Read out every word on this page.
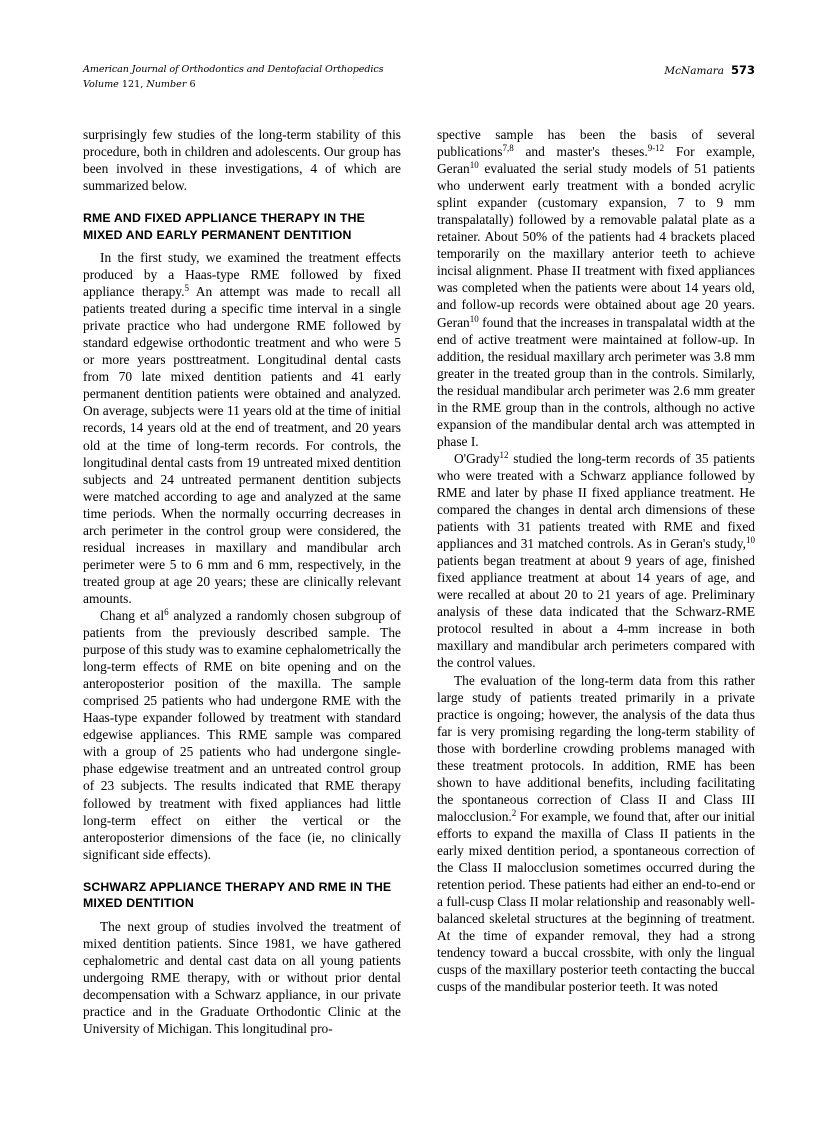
American Journal of Orthodontics and Dentofacial Orthopedics
Volume 121, Number 6
McNamara 573

surprisingly few studies of the long-term stability of this procedure, both in children and adolescents. Our group has been involved in these investigations, 4 of which are summarized below.

RME AND FIXED APPLIANCE THERAPY IN THE MIXED AND EARLY PERMANENT DENTITION

In the first study, we examined the treatment effects produced by a Haas-type RME followed by fixed appliance therapy.$^5$ An attempt was made to recall all patients treated during a specific time interval in a single private practice who had undergone RME followed by standard edgewise orthodontic treatment and who were 5 or more years posttreatment. Longitudinal dental casts from 70 late mixed dentition patients and 41 early permanent dentition patients were obtained and analyzed. On average, subjects were 11 years old at the time of initial records, 14 years old at the end of treatment, and 20 years old at the time of long-term records. For controls, the longitudinal dental casts from 19 untreated mixed dentition subjects and 24 untreated permanent dentition subjects were matched according to age and analyzed at the same time periods. When the normally occurring decreases in arch perimeter in the control group were considered, the residual increases in maxillary and mandibular arch perimeter were 5 to 6 mm and 6 mm, respectively, in the treated group at age 20 years; these are clinically relevant amounts.

Chang et $al^6$ analyzed a randomly chosen subgroup of patients from the previously described sample. The purpose of this study was to examine cephalometrically the long-term effects of RME on bite opening and on the anteroposterior position of the maxilla. The sample comprised 25 patients who had undergone RME with the Haas-type expander followed by treatment with standard edgewise appliances. This RME sample was compared with a group of 25 patients who had undergone single-phase edgewise treatment and an untreated control group of 23 subjects. The results indicated that RME therapy followed by treatment with fixed appliances had little long-term effect on either the vertical or the anteroposterior dimensions of the face (ie, no clinically significant side effects).

SCHWARZ APPLIANCE THERAPY AND RME IN THE MIXED DENTITION

The next group of studies involved the treatment of mixed dentition patients. Since 1981, we have gathered cephalometric and dental cast data on all young patients undergoing RME therapy, with or without prior dental decompensation with a Schwarz appliance, in our private practice and in the Graduate Orthodontic Clinic at the University of Michigan. This longitudinal pro-

spective sample has been the basis of several publications$^{7,8}$ and master's theses.$^{9-12}$ For example, Geran$^{10}$ evaluated the serial study models of 51 patients who underwent early treatment with a bonded acrylic splint expander (customary expansion, 7 to 9 mm transpalatally) followed by a removable palatal plate as a retainer. About 50% of the patients had 4 brackets placed temporarily on the maxillary anterior teeth to achieve incisal alignment. Phase II treatment with fixed appliances was completed when the patients were about 14 years old, and follow-up records were obtained about age 20 years. Geran$^{10}$ found that the increases in transpalatal width at the end of active treatment were maintained at follow-up. In addition, the residual maxillary arch perimeter was 3.8 mm greater in the treated group than in the controls. Similarly, the residual mandibular arch perimeter was 2.6 mm greater in the RME group than in the controls, although no active expansion of the mandibular dental arch was attempted in phase I.

O'Grady$^{12}$ studied the long-term records of 35 patients who were treated with a Schwarz appliance followed by RME and later by phase II fixed appliance treatment. He compared the changes in dental arch dimensions of these patients with 31 patients treated with RME and fixed appliances and 31 matched controls. As in Geran's study,$^{10}$ patients began treatment at about 9 years of age, finished fixed appliance treatment at about 14 years of age, and were recalled at about 20 to 21 years of age. Preliminary analysis of these data indicated that the Schwarz-RME protocol resulted in about a 4-mm increase in both maxillary and mandibular arch perimeters compared with the control values.

The evaluation of the long-term data from this rather large study of patients treated primarily in a private practice is ongoing; however, the analysis of the data thus far is very promising regarding the long-term stability of those with borderline crowding problems managed with these treatment protocols. In addition, RME has been shown to have additional benefits, including facilitating the spontaneous correction of Class II and Class III malocclusion.$^2$ For example, we found that, after our initial efforts to expand the maxilla of Class II patients in the early mixed dentition period, a spontaneous correction of the Class II malocclusion sometimes occurred during the retention period. These patients had either an end-to-end or a full-cusp Class II molar relationship and reasonably well-balanced skeletal structures at the beginning of treatment. At the time of expander removal, they had a strong tendency toward a buccal crossbite, with only the lingual cusps of the maxillary posterior teeth contacting the buccal cusps of the mandibular posterior teeth. It was noted
